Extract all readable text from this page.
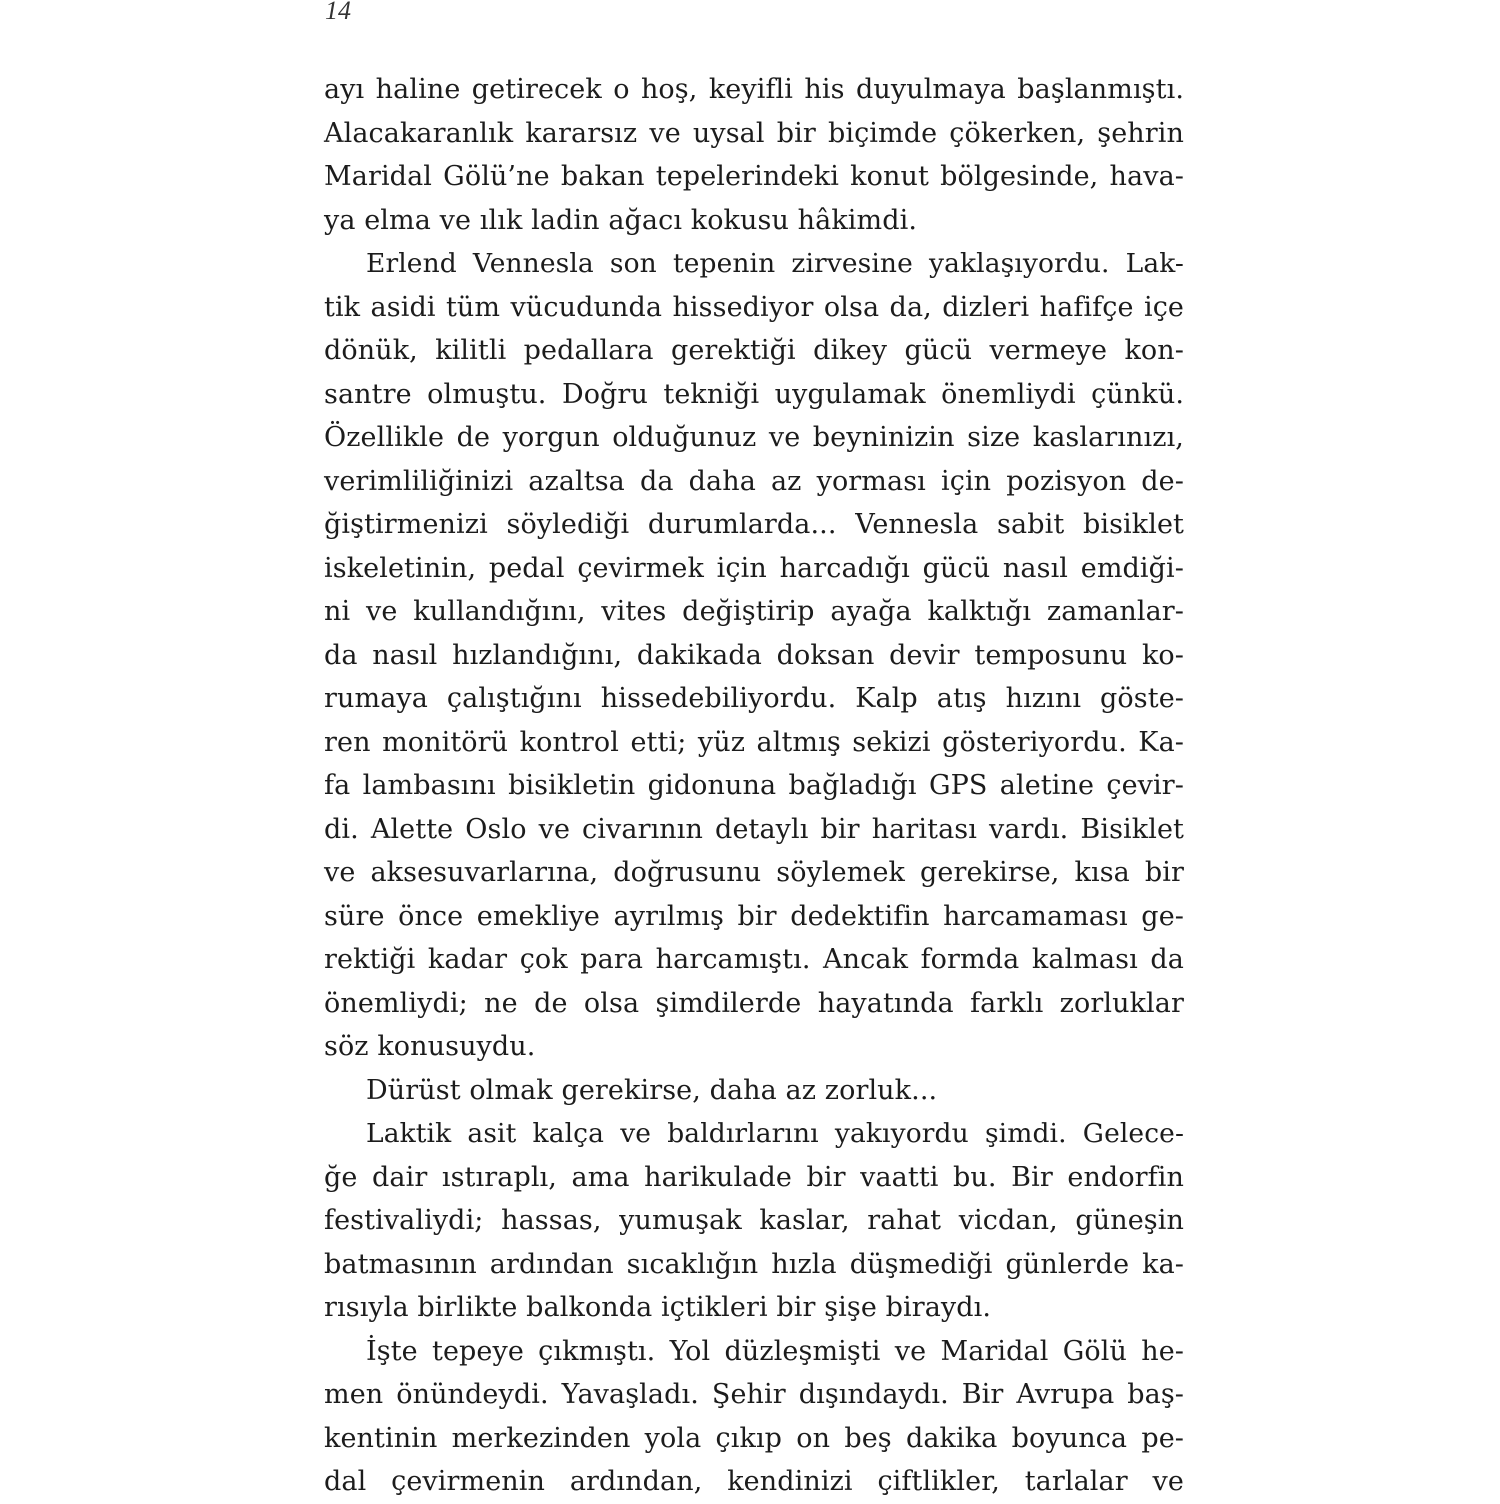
14
ayı haline getirecek o hoş, keyifli his duyulmaya başlanmıştı.
Alacakaranlık kararsız ve uysal bir biçimde çökerken, şehrin
Maridal Gölü’ne bakan tepelerindeki konut bölgesinde, hava-
ya elma ve ılık ladin ağacı kokusu hâkimdi.
Erlend Vennesla son tepenin zirvesine yaklaşıyordu. Lak-
tik asidi tüm vücudunda hissediyor olsa da, dizleri hafifçe içe
dönük, kilitli pedallara gerektiği dikey gücü vermeye kon-
santre olmuştu. Doğru tekniği uygulamak önemliydi çünkü.
Özellikle de yorgun olduğunuz ve beyninizin size kaslarınızı,
verimliliğinizi azaltsa da daha az yorması için pozisyon de-
ğiştirmenizi söylediği durumlarda... Vennesla sabit bisiklet
iskeletinin, pedal çevirmek için harcadığı gücü nasıl emdiği-
ni ve kullandığını, vites değiştirip ayağa kalktığı zamanlar-
da nasıl hızlandığını, dakikada doksan devir temposunu ko-
rumaya çalıştığını hissedebiliyordu. Kalp atış hızını göste-
ren monitörü kontrol etti; yüz altmış sekizi gösteriyordu. Ka-
fa lambasını bisikletin gidonuna bağladığı GPS aletine çevir-
di. Alette Oslo ve civarının detaylı bir haritası vardı. Bisiklet
ve aksesuvarlarına, doğrusunu söylemek gerekirse, kısa bir
süre önce emekliye ayrılmış bir dedektifin harcamaması ge-
rektiği kadar çok para harcamıştı. Ancak formda kalması da
önemliydi; ne de olsa şimdilerde hayatında farklı zorluklar
söz konusuydu.
Dürüst olmak gerekirse, daha az zorluk...
Laktik asit kalça ve baldırlarını yakıyordu şimdi. Gelece-
ğe dair ıstıraplı, ama harikulade bir vaatti bu. Bir endorfin
festivaliydi; hassas, yumuşak kaslar, rahat vicdan, güneşin
batmasının ardından sıcaklığın hızla düşmediği günlerde ka-
rısıyla birlikte balkonda içtikleri bir şişe biraydı.
İşte tepeye çıkmıştı. Yol düzleşmişti ve Maridal Gölü he-
men önündeydi. Yavaşladı. Şehir dışındaydı. Bir Avrupa baş-
kentinin merkezinden yola çıkıp on beş dakika boyunca pe-
dal çevirmenin ardından, kendinizi çiftlikler, tarlalar ve
